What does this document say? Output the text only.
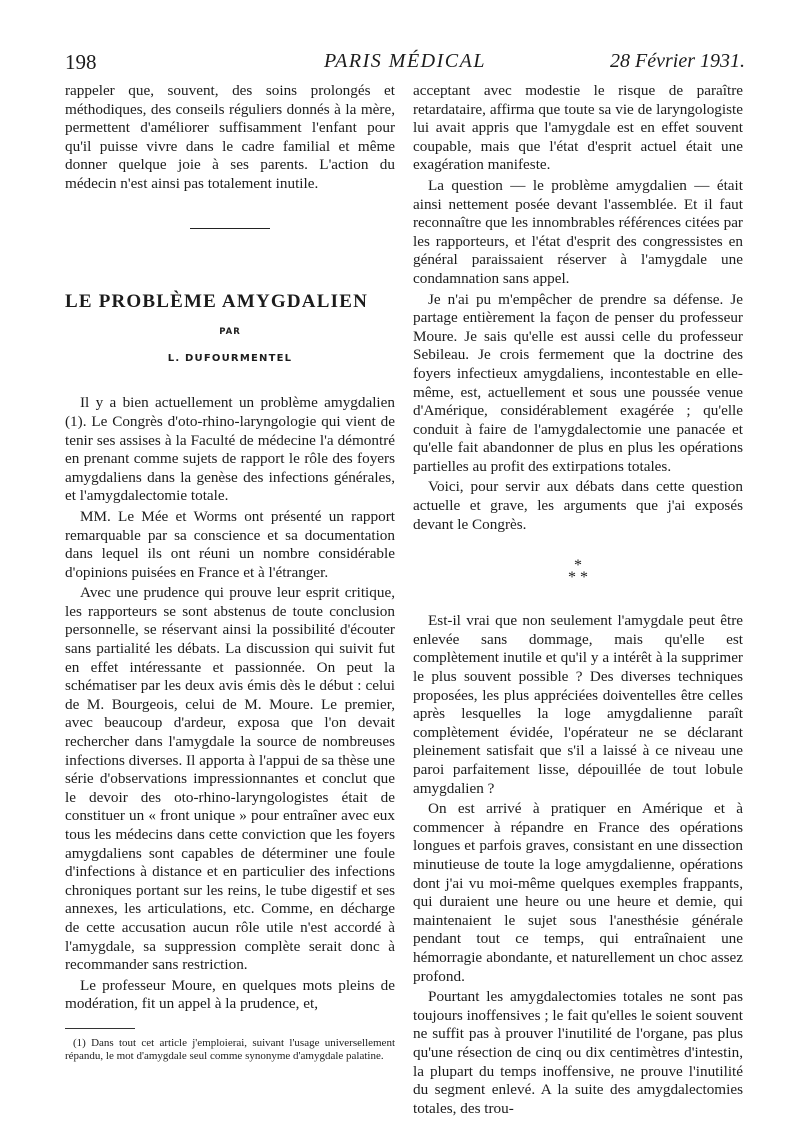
198	PARIS MÉDICAL	28 Février 1931.

rappeler que, souvent, des soins prolongés et méthodiques, des conseils réguliers donnés à la mère, permettent d'améliorer suffisamment l'enfant pour qu'il puisse vivre dans le cadre familial et même donner quelque joie à ses parents. L'action du médecin n'est ainsi pas totalement inutile.

LE PROBLÈME AMYGDALIEN
PAR
L. DUFOURMENTEL

Il y a bien actuellement un problème amygdalien (1). Le Congrès d'oto-rhino-laryngologie qui vient de tenir ses assises à la Faculté de médecine l'a démontré en prenant comme sujets de rapport le rôle des foyers amygdaliens dans la genèse des infections générales, et l'amygdalectomie totale.

MM. Le Mée et Worms ont présenté un rapport remarquable par sa conscience et sa documentation dans lequel ils ont réuni un nombre considérable d'opinions puisées en France et à l'étranger.

Avec une prudence qui prouve leur esprit critique, les rapporteurs se sont abstenus de toute conclusion personnelle, se réservant ainsi la possibilité d'écouter sans partialité les débats. La discussion qui suivit fut en effet intéressante et passionnée. On peut la schématiser par les deux avis émis dès le début : celui de M. Bourgeois, celui de M. Moure. Le premier, avec beaucoup d'ardeur, exposa que l'on devait rechercher dans l'amygdale la source de nombreuses infections diverses. Il apporta à l'appui de sa thèse une série d'observations impressionnantes et conclut que le devoir des oto-rhino-laryngologistes était de constituer un « front unique » pour entraîner avec eux tous les médecins dans cette conviction que les foyers amygdaliens sont capables de déterminer une foule d'infections à distance et en particulier des infections chroniques portant sur les reins, le tube digestif et ses annexes, les articulations, etc. Comme, en décharge de cette accusation aucun rôle utile n'est accordé à l'amygdale, sa suppression complète serait donc à recommander sans restriction.

Le professeur Moure, en quelques mots pleins de modération, fit un appel à la prudence, et,

(1) Dans tout cet article j'emploierai, suivant l'usage universellement répandu, le mot d'amygdale seul comme synonyme d'amygdale palatine.

acceptant avec modestie le risque de paraître retardataire, affirma que toute sa vie de laryngologiste lui avait appris que l'amygdale est en effet souvent coupable, mais que l'état d'esprit actuel était une exagération manifeste.

La question — le problème amygdalien — était ainsi nettement posée devant l'assemblée. Et il faut reconnaître que les innombrables références citées par les rapporteurs, et l'état d'esprit des congressistes en général paraissaient réserver à l'amygdale une condamnation sans appel.

Je n'ai pu m'empêcher de prendre sa défense. Je partage entièrement la façon de penser du professeur Moure. Je sais qu'elle est aussi celle du professeur Sebileau. Je crois fermement que la doctrine des foyers infectieux amygdaliens, incontestable en elle-même, est, actuellement et sous une poussée venue d'Amérique, considérablement exagérée ; qu'elle conduit à faire de l'amygdalectomie une panacée et qu'elle fait abandonner de plus en plus les opérations partielles au profit des extirpations totales.

Voici, pour servir aux débats dans cette question actuelle et grave, les arguments que j'ai exposés devant le Congrès.

*
* *

Est-il vrai que non seulement l'amygdale peut être enlevée sans dommage, mais qu'elle est complètement inutile et qu'il y a intérêt à la supprimer le plus souvent possible ? Des diverses techniques proposées, les plus appréciées doiventelles être celles après lesquelles la loge amygdalienne paraît complètement évidée, l'opérateur ne se déclarant pleinement satisfait que s'il a laissé à ce niveau une paroi parfaitement lisse, dépouillée de tout lobule amygdalien ?

On est arrivé à pratiquer en Amérique et à commencer à répandre en France des opérations longues et parfois graves, consistant en une dissection minutieuse de toute la loge amygdalienne, opérations dont j'ai vu moi-même quelques exemples frappants, qui duraient une heure ou une heure et demie, qui maintenaient le sujet sous l'anesthésie générale pendant tout ce temps, qui entraînaient une hémorragie abondante, et naturellement un choc assez profond.

Pourtant les amygdalectomies totales ne sont pas toujours inoffensives ; le fait qu'elles le soient souvent ne suffit pas à prouver l'inutilité de l'organe, pas plus qu'une résection de cinq ou dix centimètres d'intestin, la plupart du temps inoffensive, ne prouve l'inutilité du segment enlevé. A la suite des amygdalectomies totales, des trou-
